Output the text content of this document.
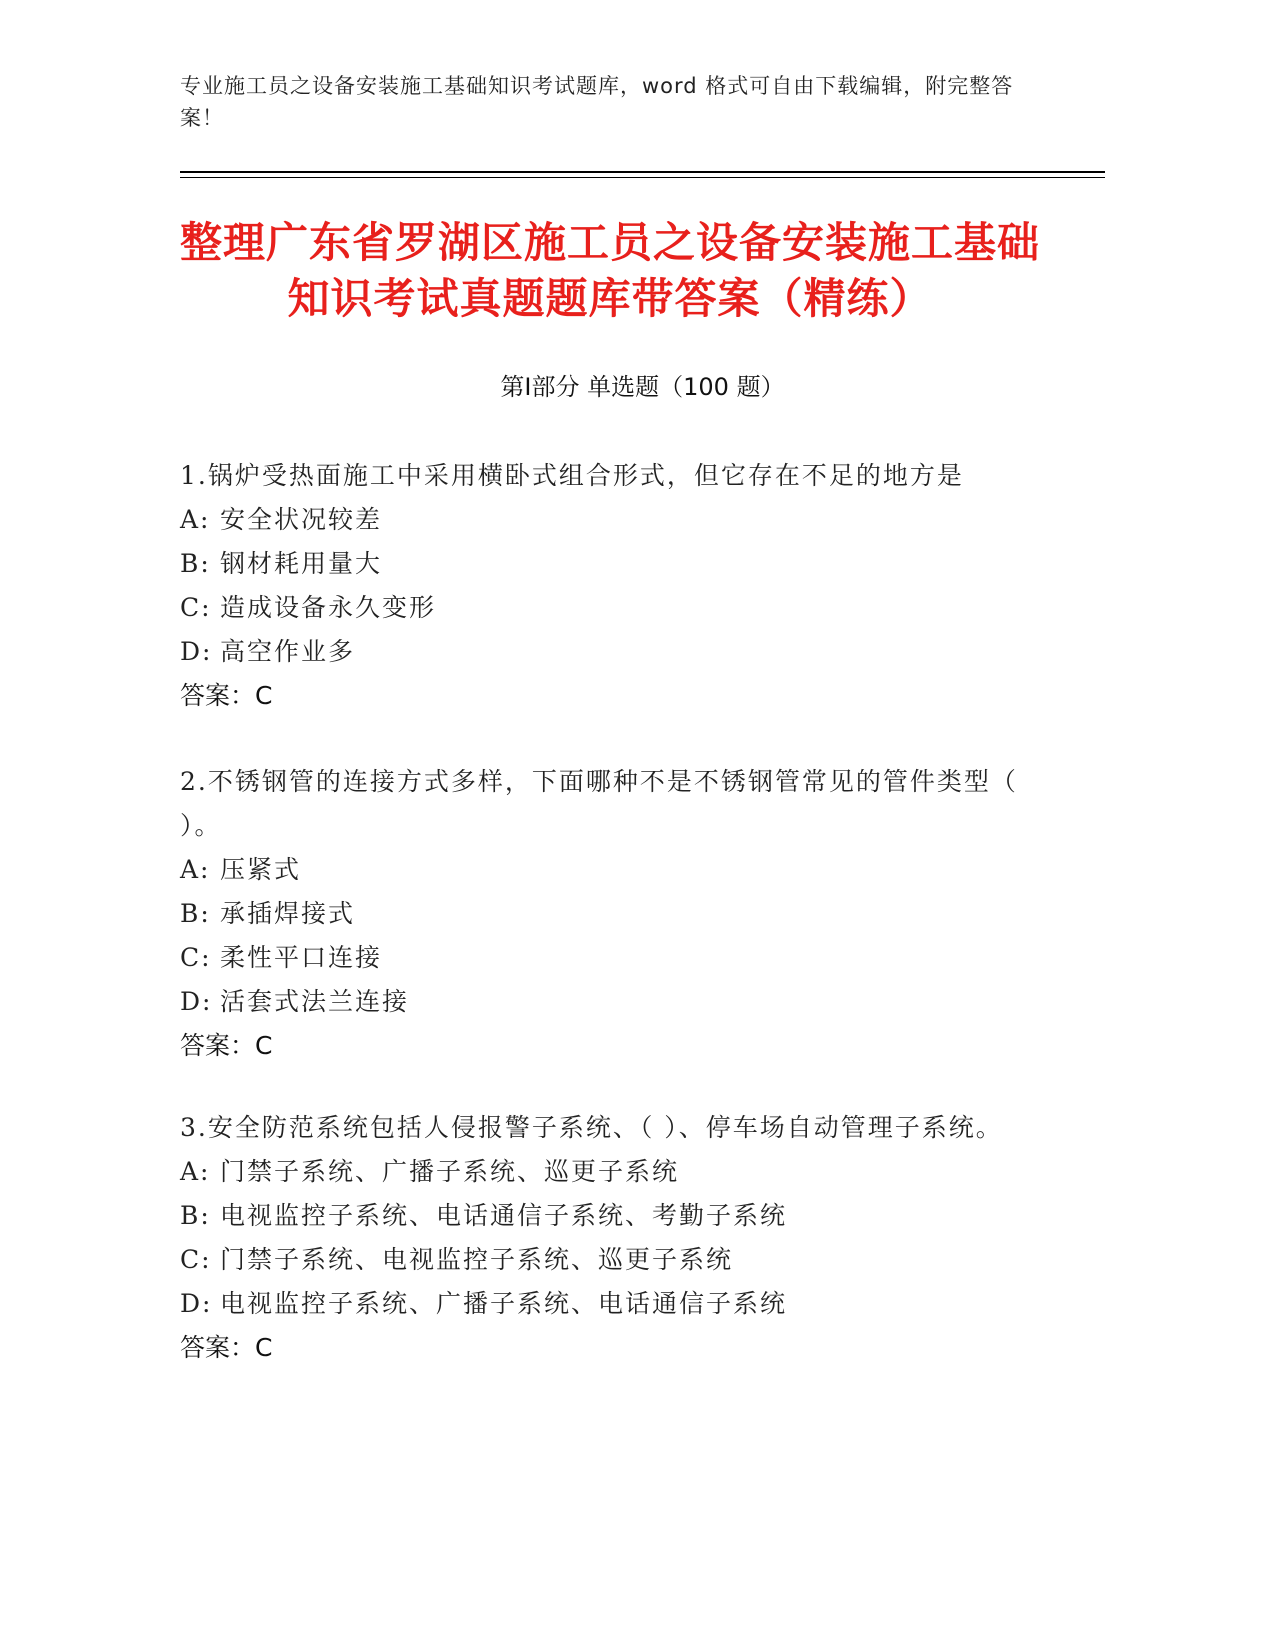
专业施工员之设备安装施工基础知识考试题库，word 格式可自由下载编辑，附完整答案！
整理广东省罗湖区施工员之设备安装施工基础知识考试真题题库带答案（精练）
第Ⅰ部分 单选题（100 题）

1.锅炉受热面施工中采用横卧式组合形式，但它存在不足的地方是

A: 安全状况较差

B: 钢材耗用量大

C: 造成设备永久变形

D: 高空作业多

答案：C

2.不锈钢管的连接方式多样，下面哪种不是不锈钢管常见的管件类型（ ）。

A: 压紧式

B: 承插焊接式

C: 柔性平口连接

D: 活套式法兰连接

答案：C

3.安全防范系统包括人侵报警子系统、（ ）、停车场自动管理子系统。

A: 门禁子系统、广播子系统、巡更子系统

B: 电视监控子系统、电话通信子系统、考勤子系统

C: 门禁子系统、电视监控子系统、巡更子系统

D: 电视监控子系统、广播子系统、电话通信子系统

答案：C
